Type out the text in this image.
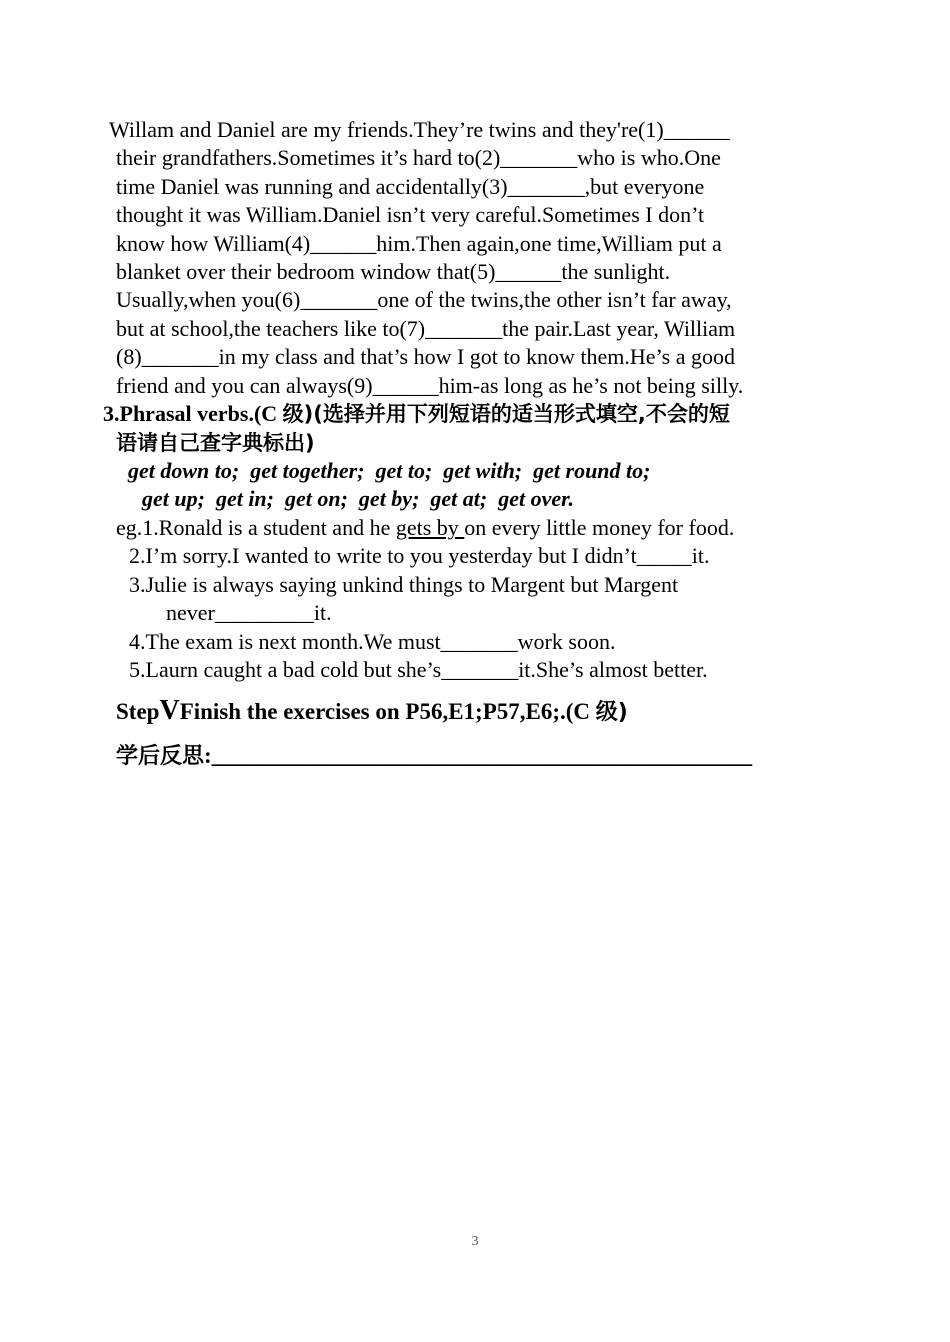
Willam and Daniel are my friends.They’re twins and they're(1)______
their grandfathers.Sometimes it’s hard to(2)_______who is who.One
time Daniel was running and accidentally(3)_______,but everyone
thought it was William.Daniel isn’t very careful.Sometimes I don’t
know how William(4)______him.Then again,one time,William put a
blanket over their bedroom window that(5)______the sunlight.
Usually,when you(6)_______one of the twins,the other isn’t far away,
but at school,the teachers like to(7)_______the pair.Last year, William
(8)_______in my class and that’s how I got to know them.He’s a good
friend and you can always(9)______him-as long as he’s not being silly.
3.Phrasal verbs.(C 级)(选择并用下列短语的适当形式填空,不会的短
语请自己查字典标出)
get down to;  get together;  get to;  get with;  get round to;
get up;  get in;  get on;  get by;  get at;  get over.
eg.1.Ronald is a student and he gets by on every little money for food.
2.I’m sorry.I wanted to write to you yesterday but I didn’t_____it.
3.Julie is always saying unkind things to Margent but Margent
never_________it.
4.The exam is next month.We must_______work soon.
5.Laurn caught a bad cold but she’s_______it.She’s almost better.
StepVFinish the exercises on P56,E1;P57,E6;.(C 级)
学后反思:_______________________________________________
3
